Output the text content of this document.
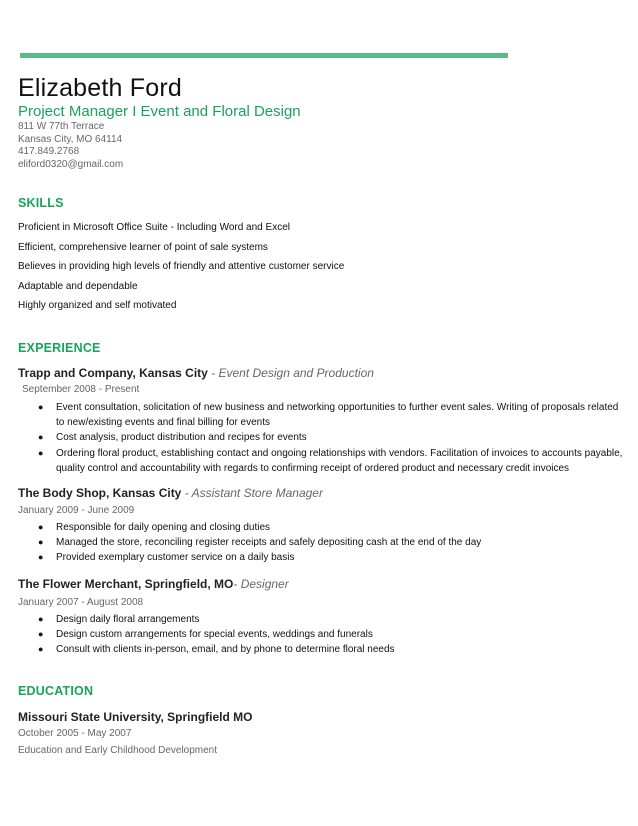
Elizabeth Ford
Project Manager I Event and Floral Design
811 W 77th Terrace
Kansas City, MO 64114
417.849.2768
eliford0320@gmail.com
SKILLS
Proficient in Microsoft Office Suite - Including Word and Excel
Efficient, comprehensive learner of point of sale systems
Believes in providing high levels of friendly and attentive customer service
Adaptable and dependable
Highly organized and self motivated
EXPERIENCE
Trapp and Company, Kansas City - Event Design and Production
September 2008 - Present
● Event consultation, solicitation of new business and networking opportunities to further event sales. Writing of proposals related to new/existing events and final billing for events
● Cost analysis, product distribution and recipes for events
● Ordering floral product, establishing contact and ongoing relationships with vendors. Facilitation of invoices to accounts payable, quality control and accountability with regards to confirming receipt of ordered product and necessary credit invoices
The Body Shop, Kansas City - Assistant Store Manager
January 2009 - June 2009
● Responsible for daily opening and closing duties
● Managed the store, reconciling register receipts and safely depositing cash at the end of the day
● Provided exemplary customer service on a daily basis
The Flower Merchant, Springfield, MO- Designer
January 2007 - August 2008
● Design daily floral arrangements
● Design custom arrangements for special events, weddings and funerals
● Consult with clients in-person, email, and by phone to determine floral needs
EDUCATION
Missouri State University, Springfield MO
October 2005 - May 2007
Education and Early Childhood Development
